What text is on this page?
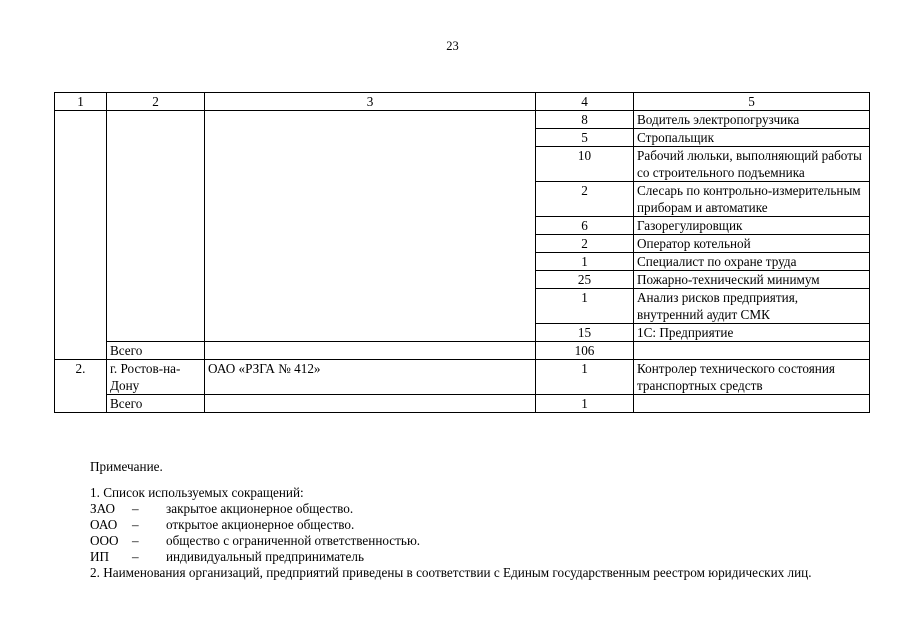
23
1	2	3	4	5
			8	Водитель электропогрузчика
			5	Стропальщик
			10	Рабочий люльки, выполняющий работы со строительного подъемника
			2	Слесарь по контрольно-измерительным приборам и автоматике
			6	Газорегулировщик
			2	Оператор котельной
			1	Специалист по охране труда
			25	Пожарно-технический минимум
			1	Анализ рисков предприятия, внутренний аудит СМК
			15	1С: Предприятие
	Всего		106	
2.	г. Ростов-на-Дону	ОАО «РЗГА № 412»	1	Контролер технического состояния транспортных средств
	Всего		1	
Примечание.
1. Список используемых сокращений:
ЗАО	–	закрытое акционерное общество.
ОАО	–	открытое акционерное общество.
ООО	–	общество с ограниченной ответственностью.
ИП	–	индивидуальный предприниматель
2. Наименования организаций, предприятий приведены в соответствии с Единым государственным реестром юридических лиц.
